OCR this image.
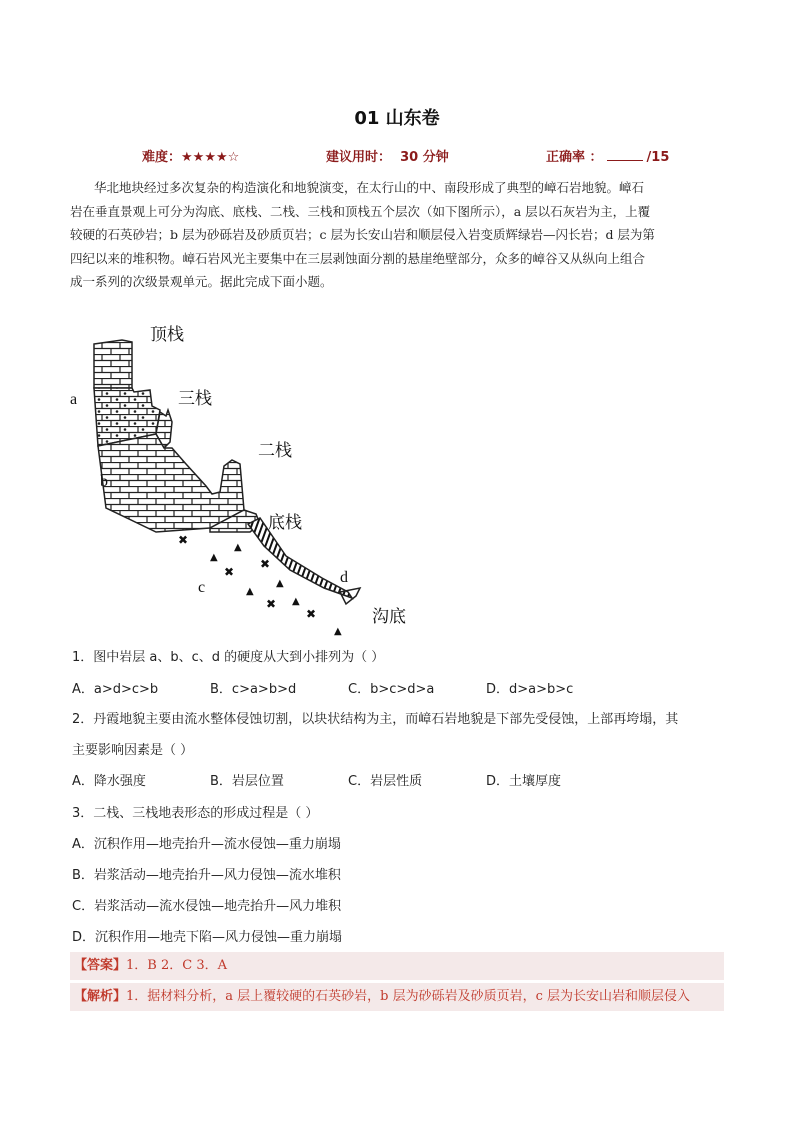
01 山东卷
难度：★★★★☆	建议用时： 30 分钟	正确率 ：	/15
华北地块经过多次复杂的构造演化和地貌演变，在太行山的中、南段形成了典型的嶂石岩地貌。嶂石
岩在垂直景观上可分为沟底、底栈、二栈、三栈和顶栈五个层次（如下图所示），a 层以石灰岩为主，上覆
较硬的石英砂岩；b 层为砂砾岩及砂质页岩；c 层为长安山岩和顺层侵入岩变质辉绿岩—闪长岩；d 层为第
四纪以来的堆积物。嶂石岩风光主要集中在三层剥蚀面分割的悬崖绝壁部分，众多的嶂谷又从纵向上组合
成一系列的次级景观单元。据此完成下面小题。
✖
▲
▲
✖
✖
▲
▲
✖ ▲
✖
▲
顶栈
三栈
二栈
底栈
沟底
a
b
c
d
1．图中岩层 a、b、c、d 的硬度从大到小排列为（ ）
A．a>d>c>b	B．c>a>b>d	C．b>c>d>a	D．d>a>b>c
2．丹霞地貌主要由流水整体侵蚀切割，以块状结构为主，而嶂石岩地貌是下部先受侵蚀，上部再垮塌，其
主要影响因素是（ ）
A．降水强度	B．岩层位置	C．岩层性质	D．土壤厚度
3．二栈、三栈地表形态的形成过程是（ ）
A．沉积作用—地壳抬升—流水侵蚀—重力崩塌
B．岩浆活动—地壳抬升—风力侵蚀—流水堆积
C．岩浆活动—流水侵蚀—地壳抬升—风力堆积
D．沉积作用—地壳下陷—风力侵蚀—重力崩塌
【答案】1．B 2．C 3．A
【解析】1．据材料分析，a 层上覆较硬的石英砂岩，b 层为砂砾岩及砂质页岩，c 层为长安山岩和顺层侵入
